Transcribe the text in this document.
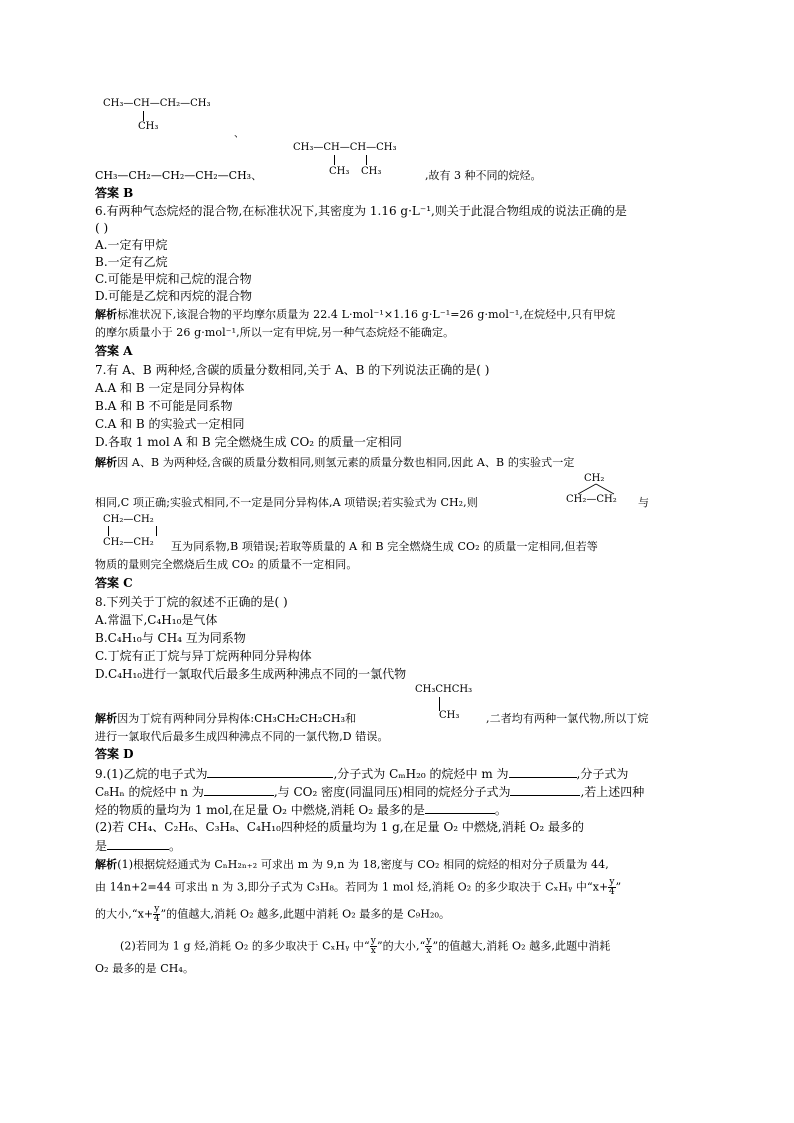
CH₃—CH—CH₂—CH₃
CH₃
、
CH₃—CH—CH—CH₃
CH₃ CH₃
CH₃—CH₂—CH₂—CH₂—CH₃、	,故有 3 种不同的烷烃。
答案 B
6.有两种气态烷烃的混合物,在标准状况下,其密度为 1.16 g·L⁻¹,则关于此混合物组成的说法正确的是
( )
A.一定有甲烷
B.一定有乙烷
C.可能是甲烷和己烷的混合物
D.可能是乙烷和丙烷的混合物
解析标准状况下,该混合物的平均摩尔质量为 22.4 L·mol⁻¹×1.16 g·L⁻¹=26 g·mol⁻¹,在烷烃中,只有甲烷
的摩尔质量小于 26 g·mol⁻¹,所以一定有甲烷,另一种气态烷烃不能确定。
答案 A
7.有 A、B 两种烃,含碳的质量分数相同,关于 A、B 的下列说法正确的是( )
A.A 和 B 一定是同分异构体
B.A 和 B 不可能是同系物
C.A 和 B 的实验式一定相同
D.各取 1 mol A 和 B 完全燃烧生成 CO₂ 的质量一定相同
解析因 A、B 为两种烃,含碳的质量分数相同,则氢元素的质量分数也相同,因此 A、B 的实验式一定
CH₂
CH₂—CH₂
相同,C 项正确;实验式相同,不一定是同分异构体,A 项错误;若实验式为 CH₂,则	与
CH₂—CH₂
CH₂—CH₂ 互为同系物,B 项错误;若取等质量的 A 和 B 完全燃烧生成 CO₂ 的质量一定相同,但若等
物质的量则完全燃烧后生成 CO₂ 的质量不一定相同。
答案 C
8.下列关于丁烷的叙述不正确的是( )
A.常温下,C₄H₁₀是气体
B.C₄H₁₀与 CH₄ 互为同系物
C.丁烷有正丁烷与异丁烷两种同分异构体
D.C₄H₁₀进行一氯取代后最多生成两种沸点不同的一氯代物
CH₃CHCH₃
CH₃
解析因为丁烷有两种同分异构体:CH₃CH₂CH₂CH₃和	,二者均有两种一氯代物,所以丁烷
进行一氯取代后最多生成四种沸点不同的一氯代物,D 错误。
答案 D
9.(1)乙烷的电子式为	,分子式为 CₘH₂₀ 的烷烃中 m 为	,分子式为
C₈Hₙ 的烷烃中 n 为	,与 CO₂ 密度(同温同压)相同的烷烃分子式为	,若上述四种
烃的物质的量均为 1 mol,在足量 O₂ 中燃烧,消耗 O₂ 最多的是	。
(2)若 CH₄、C₂H₆、C₃H₈、C₄H₁₀四种烃的质量均为 1 g,在足量 O₂ 中燃烧,消耗 O₂ 最多的
是	。
解析(1)根据烷烃通式为 CₙH₂ₙ₊₂ 可求出 m 为 9,n 为 18,密度与 CO₂ 相同的烷烃的相对分子质量为 44,
由 14n+2=44 可求出 n 为 3,即分子式为 C₃H₈。若同为 1 mol 烃,消耗 O₂ 的多少取决于 CₓHᵧ 中“$x+ \frac{y}{4}$ ”
的大小,“x+ $\frac{y}{4}$ ”的值越大,消耗 O₂ 越多,此题中消耗 O₂ 最多的是 C₉H₂₀。
(2)若同为 1 g 烃,消耗 O₂ 的多少取决于 CₓHᵧ 中“ $\frac{y}{x}$ ”的大小,“ $\frac{y}{x}$ ”的值越大,消耗 O₂ 越多,此题中消耗
O₂ 最多的是 CH₄。
